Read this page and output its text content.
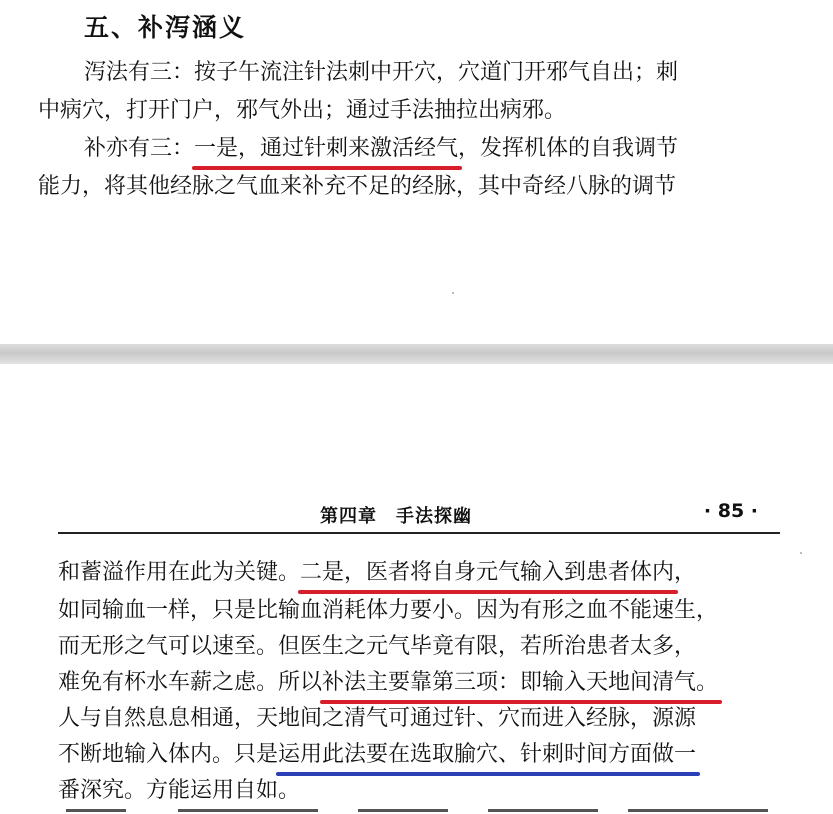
五、补泻涵义
泻法有三：按子午流注针法刺中开穴，穴道门开邪气自出；刺
中病穴，打开门户，邪气外出；通过手法抽拉出病邪。
补亦有三：一是，通过针刺来激活经气，发挥机体的自我调节
能力，将其他经脉之气血来补充不足的经脉，其中奇经八脉的调节
第四章　手法探幽	· 85 ·
和蓄溢作用在此为关键。二是，医者将自身元气输入到患者体内，
如同输血一样，只是比输血消耗体力要小。因为有形之血不能速生，
而无形之气可以速至。但医生之元气毕竟有限，若所治患者太多，
难免有杯水车薪之虑。所以补法主要靠第三项：即输入天地间清气。
人与自然息息相通，天地间之清气可通过针、穴而进入经脉，源源
不断地输入体内。只是运用此法要在选取腧穴、针刺时间方面做一
番深究。方能运用自如。
